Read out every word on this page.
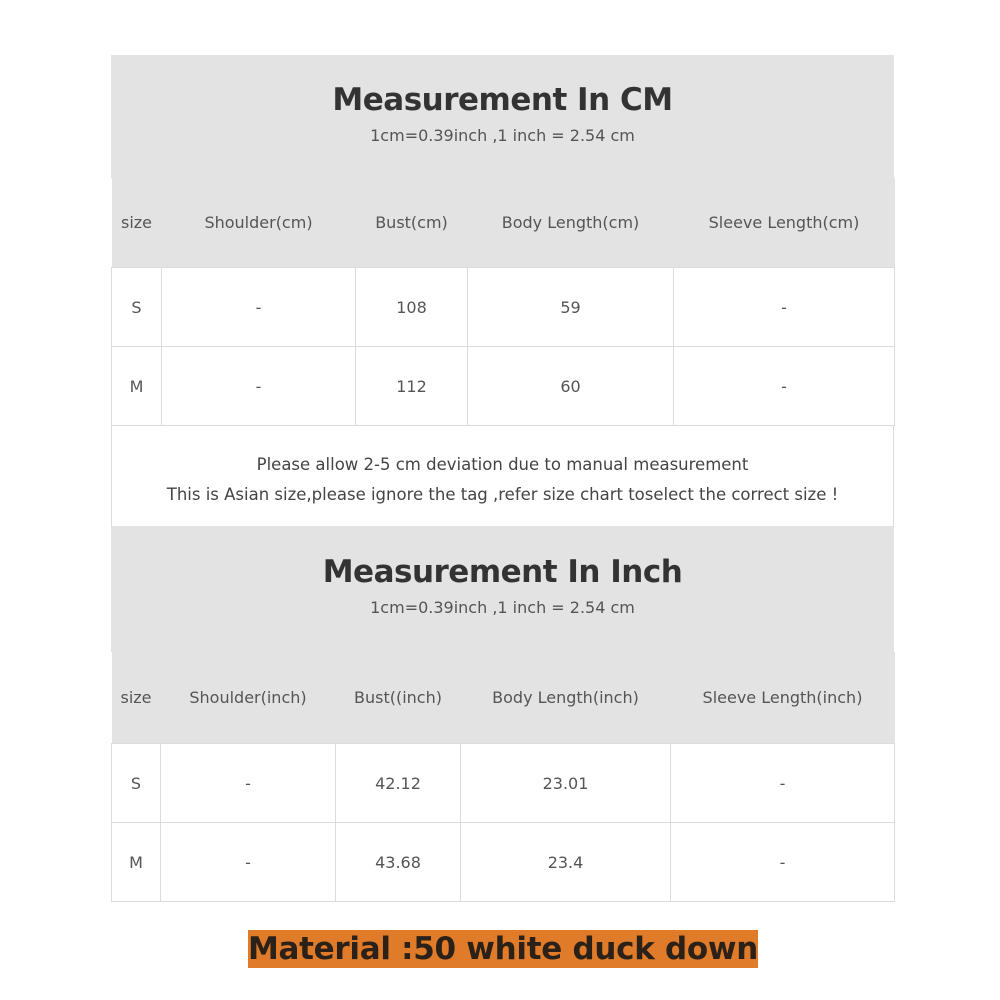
Measurement In CM
1cm=0.39inch ,1 inch = 2.54 cm
size	Shoulder(cm)	Bust(cm)	Body Length(cm)	Sleeve Length(cm)
S	-	108	59	-
M	-	112	60	-
Please allow 2-5 cm deviation due to manual measurement
This is Asian size,please ignore the tag ,refer size chart toselect the correct size !
Measurement In Inch
1cm=0.39inch ,1 inch = 2.54 cm
size	Shoulder(inch)	Bust((inch)	Body Length(inch)	Sleeve Length(inch)
S	-	42.12	23.01	-
M	-	43.68	23.4	-
Material :50 white duck down
